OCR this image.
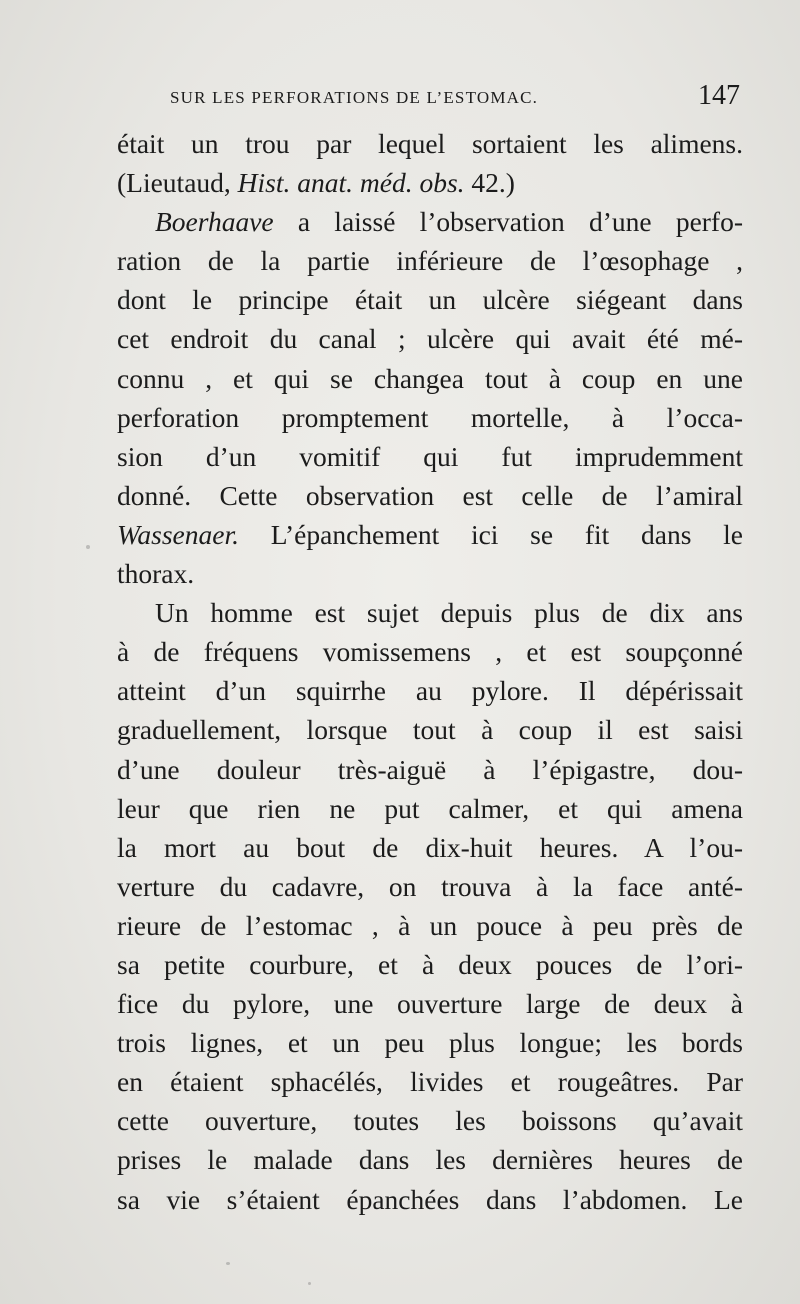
SUR LES PERFORATIONS DE L’ESTOMAC.	147
était un trou par lequel sortaient les alimens.
(Lieutaud, Hist. anat. méd. obs. 42.)
Boerhaave a laissé l’observation d’une perfo-
ration de la partie inférieure de l’œsophage ,
dont le principe était un ulcère siégeant dans
cet endroit du canal ; ulcère qui avait été mé-
connu , et qui se changea tout à coup en une
perforation promptement mortelle, à l’occa-
sion d’un vomitif qui fut imprudemment
donné. Cette observation est celle de l’amiral
Wassenaer. L’épanchement ici se fit dans le
thorax.
Un homme est sujet depuis plus de dix ans
à de fréquens vomissemens , et est soupçonné
atteint d’un squirrhe au pylore. Il dépérissait
graduellement, lorsque tout à coup il est saisi
d’une douleur très-aiguë à l’épigastre, dou-
leur que rien ne put calmer, et qui amena
la mort au bout de dix-huit heures. A l’ou-
verture du cadavre, on trouva à la face anté-
rieure de l’estomac , à un pouce à peu près de
sa petite courbure, et à deux pouces de l’ori-
fice du pylore, une ouverture large de deux à
trois lignes, et un peu plus longue; les bords
en étaient sphacélés, livides et rougeâtres. Par
cette ouverture, toutes les boissons qu’avait
prises le malade dans les dernières heures de
sa vie s’étaient épanchées dans l’abdomen. Le
